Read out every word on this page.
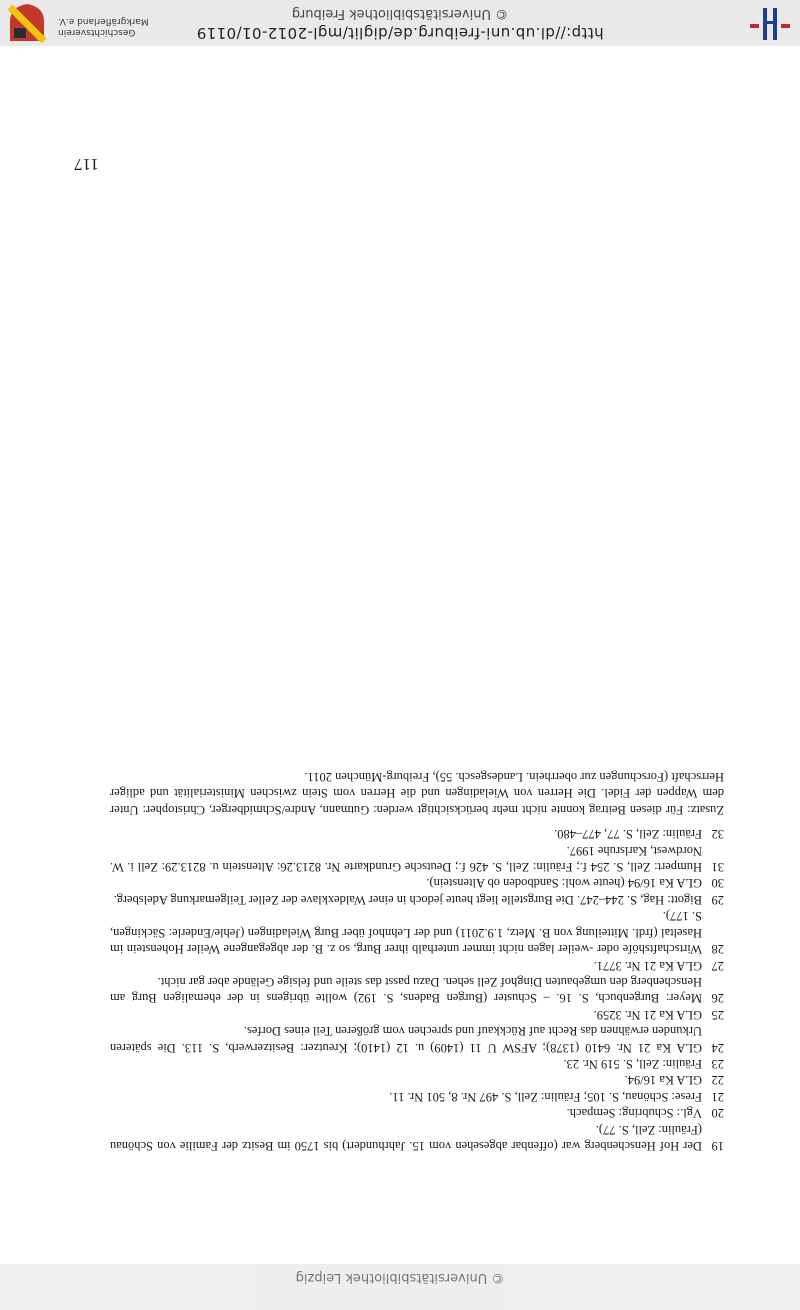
http://dl.ub.uni-freiburg.de/diglit/mgl-2012-01/0119
© Universitätsbibliothek Freiburg
Geschichtsverein
Markgräflerland e.V.
© Universitätsbibliothek Leipzig
117
19
Der Hof Henschenberg war (offenbar abgesehen vom 15. Jahrhundert) bis 1750 im Besitz der Familie von Schönau (Fräulin: Zell, S. 77).
20
Vgl.: Schubring: Sempach.
21
Frese: Schönau, S. 105; Fräulin: Zell, S. 497 Nr. 8, 501 Nr. 11.
22
GLA Ka 16/94.
23
Fräulin: Zell, S. 519 Nr. 23.
24
GLA Ka 21 Nr. 6410 (1378); AFSW U 11 (1409) u. 12 (1410); Kreutzer: Besitzerwerb, S. 113. Die späteren Urkunden erwähnen das Recht auf Rückkauf und sprechen vom größeren Teil eines Dorfes.
25
GLA Ka 21 Nr. 3259.
26
Meyer: Burgenbuch, S. 16. – Schuster (Burgen Badens, S. 192) wollte übrigens in der ehemaligen Burg am Henschenberg den umgebauten Dinghof Zell sehen. Dazu passt das steile und felsige Gelände aber gar nicht.
27
GLA Ka 21 Nr. 3771.
28
Wirtschaftshöfe oder -weiler lagen nicht immer unterhalb ihrer Burg, so z. B. der abgegangene Weiler Hohenstein im Haseltal (frdl. Mitteilung von B. Metz, 1.9.2011) und der Lehnhof über Burg Wieladingen (Jehle/Enderle: Säckingen, S. 177).
29
Bigott: Hag, S. 244–247. Die Burgstelle liegt heute jedoch in einer Waldexklave der Zeller Teilgemarkung Adelsberg.
30
GLA Ka 16/94 (heute wohl: Sandboden ob Altenstein).
31
Humpert: Zell, S. 254 f.; Fräulin: Zell, S. 426 f.; Deutsche Grundkarte Nr. 8213.26: Altenstein u. 8213.29: Zell i. W. Nordwest, Karlsruhe 1997.
32
Fräulin: Zell, S. 77, 477–480.
Zusatz: Für diesen Beitrag konnte nicht mehr berücksichtigt werden: Gutmann, Andre/Schmidberger, Christopher: Unter dem Wappen der Fidel. Die Herren von Wieladingen und die Herren vom Stein zwischen Ministerialität und adliger Herrschaft (Forschungen zur oberrhein. Landesgesch. 55), Freiburg-München 2011.
